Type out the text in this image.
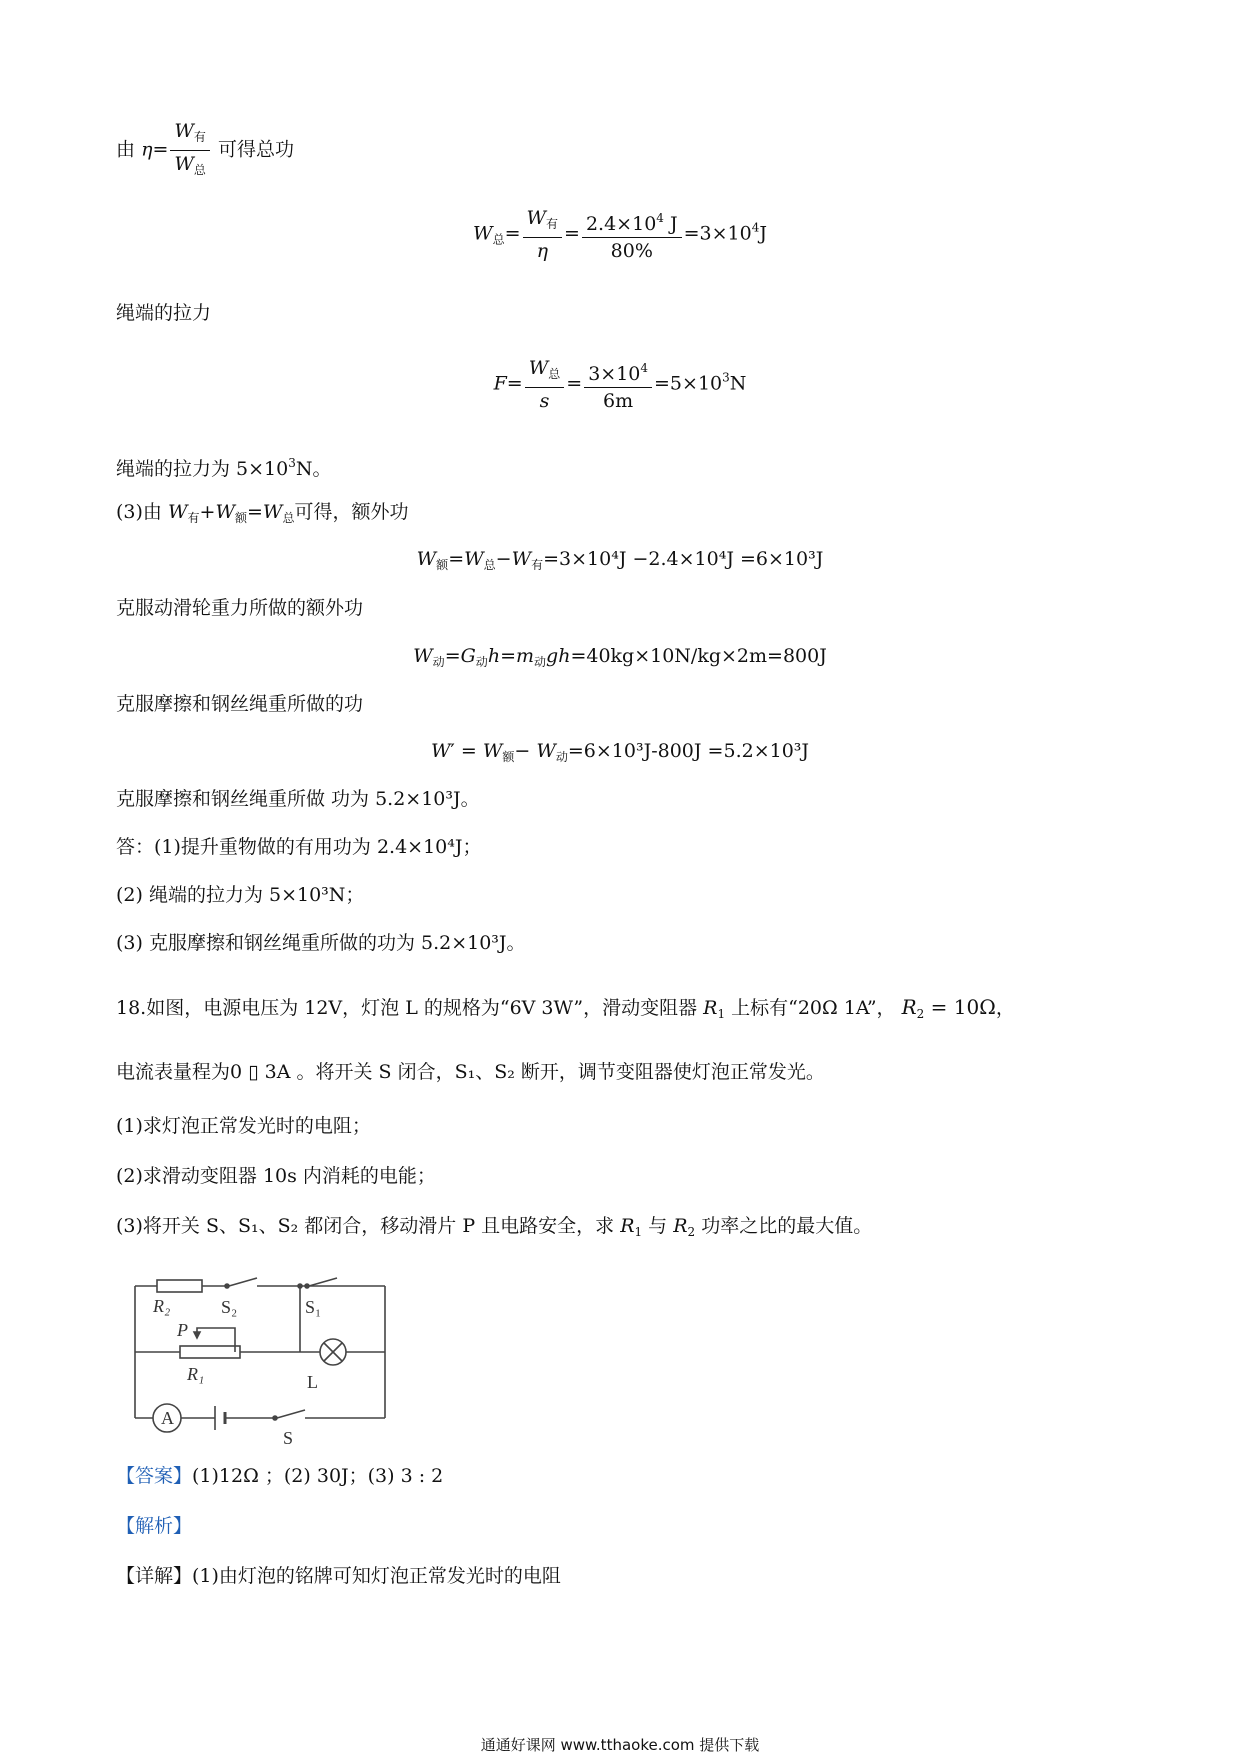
由 $\eta= \frac{W_有}{W_总}$ 可得总功
$W_总= \frac{W_有}{\eta} = \frac{2.4\times 10^4 J}{80\%} =3\times 10^4J$
绳端的拉力
$F= \frac{W_总}{s} = \frac{3\times 10^4}{6m} =5\times 10^3N$
绳端的拉力为 $5\times 10^3N$。
(3)由 $W_有+W_额=W_总$可得，额外功
$W_额=W_总-W_有=3\times 10^4J -2.4\times 10^4J =6\times 10^3J$
克服动滑轮重力所做的额外功
$W_动=G_动h=m_动gh=40kg\times 10N/kg\times 2m=800J$
克服摩擦和钢丝绳重所做的功
$W' = W_额- W_动=6\times 10^3J-800J =5.2\times 10^3J$
克服摩擦和钢丝绳重所做 功为 5.2×10³J。
答：(1)提升重物做的有用功为 2.4×10⁴J；
(2) 绳端的拉力为 5×10³N；
(3) 克服摩擦和钢丝绳重所做的功为 5.2×10³J。
18.如图，电源电压为 12V，灯泡 L 的规格为“6V 3W”，滑动变阻器 $R_1$ 上标有“20Ω 1A”， $R_2 = 10\Omega$，
电流表量程为0 ▯ 3A 。将开关 S 闭合，S₁、S₂ 断开，调节变阻器使灯泡正常发光。
(1)求灯泡正常发光时的电阻；
(2)求滑动变阻器 10s 内消耗的电能；
(3)将开关 S、S₁、S₂ 都闭合，移动滑片 P 且电路安全，求 $R_1$ 与 $R_2$ 功率之比的最大值。
R₂
P
R₁
S₂	S₁
L
A
S
【答案】(1)12Ω ；(2) 30J；(3) 3 : 2
【解析】
【详解】(1)由灯泡的铭牌可知灯泡正常发光时的电阻
通通好课网 www.tthaoke.com 提供下载
